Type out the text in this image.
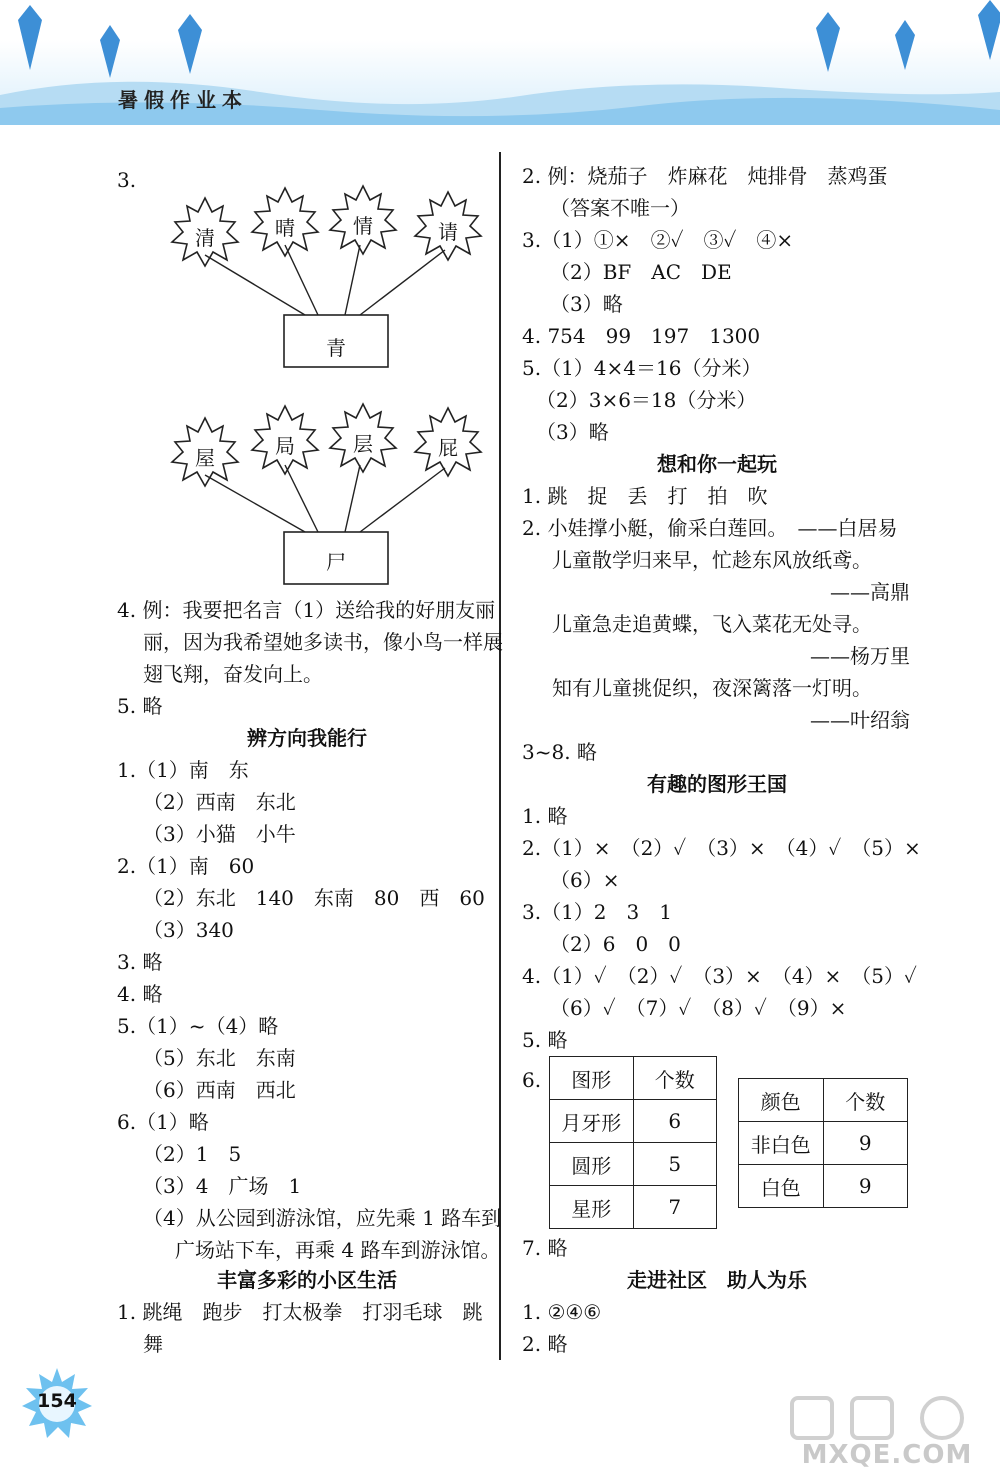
暑假作业本
3.
清	晴	情	请
青
屋	局	层	屁
尸
4. 例：我要把名言（1）送给我的好朋友丽
丽，因为我希望她多读书，像小鸟一样展
翅飞翔，奋发向上。
5. 略
辨方向我能行
1.（1）南　东
（2）西南　东北
（3）小猫　小牛
2.（1）南　60
（2）东北　140　东南　80　西　60
（3）340
3. 略
4. 略
5.（1）~（4）略
（5）东北　东南
（6）西南　西北
6.（1）略
（2）1　5
（3）4　广场　1
（4）从公园到游泳馆，应先乘 1 路车到
广场站下车，再乘 4 路车到游泳馆。
丰富多彩的小区生活
1. 跳绳　跑步　打太极拳　打羽毛球　跳
舞
2. 例：烧茄子　炸麻花　炖排骨　蒸鸡蛋
（答案不唯一）
3.（1）①×　②✓　③✓　④×
（2）BF　AC　DE
（3）略
4. 754　99　197　1300
5.（1）4×4＝16（分米）
（2）3×6＝18（分米）
（3）略
想和你一起玩
1. 跳　捉　丢　打　拍　吹
2. 小娃撑小艇，偷采白莲回。　——白居易
儿童散学归来早，忙趁东风放纸鸢。
——高鼎
儿童急走追黄蝶，飞入菜花无处寻。
——杨万里
知有儿童挑促织，夜深篱落一灯明。
——叶绍翁
3~8. 略
有趣的图形王国
1. 略
2.（1）×　（2）✓　（3）×　（4）✓　（5）×
（6）×
3.（1）2　3　1
（2）6　0　0
4.（1）✓　（2）✓　（3）×　（4）×　（5）✓
（6）✓　（7）✓　（8）✓　（9）×
5. 略
6. 图形	个数
月牙形	6
圆形	5
星形	7
颜色	个数
非白色	9
白色	9
7. 略
走进社区　助人为乐
1. ②④⑥
2. 略
154
MXQE.COM
